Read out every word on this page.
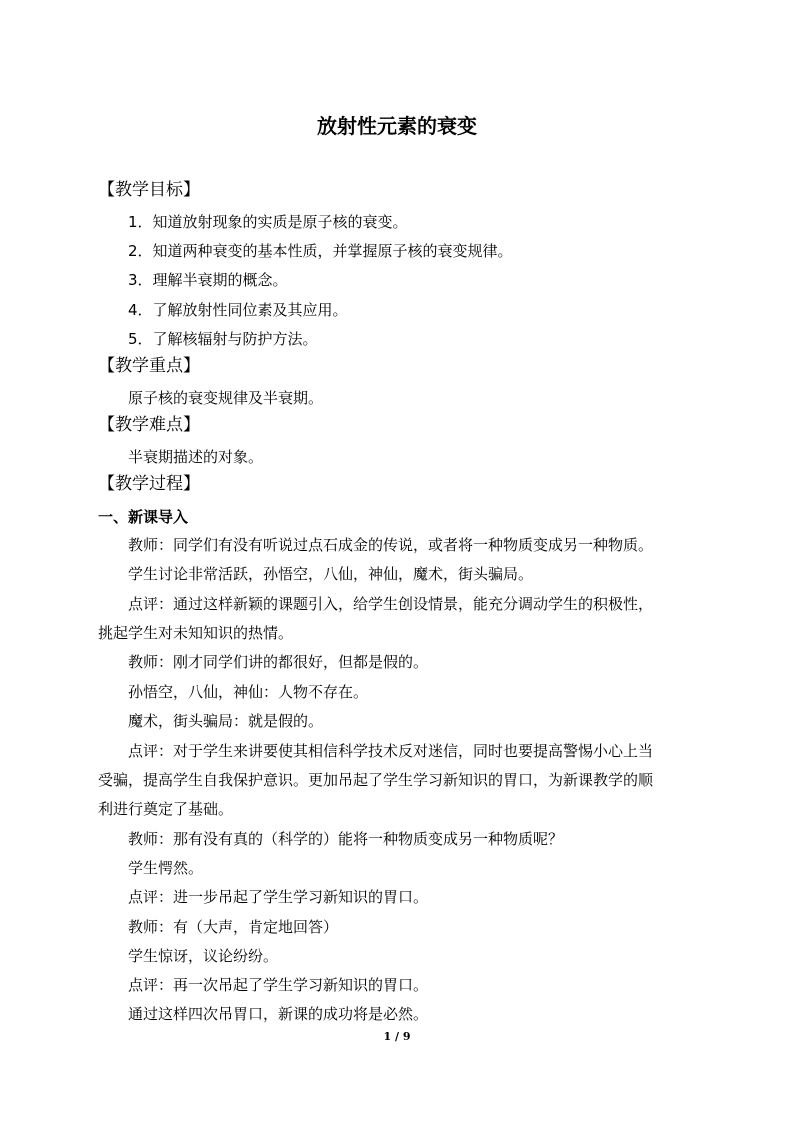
放射性元素的衰变
【教学目标】
1．知道放射现象的实质是原子核的衰变。
2．知道两种衰变的基本性质，并掌握原子核的衰变规律。
3．理解半衰期的概念。
4．了解放射性同位素及其应用。
5．了解核辐射与防护方法。
【教学重点】
原子核的衰变规律及半衰期。
【教学难点】
半衰期描述的对象。
【教学过程】
一、新课导入
教师：同学们有没有听说过点石成金的传说，或者将一种物质变成另一种物质。
学生讨论非常活跃，孙悟空，八仙，神仙，魔术，街头骗局。
点评：通过这样新颖的课题引入，给学生创设情景，能充分调动学生的积极性，
挑起学生对未知知识的热情。
教师：刚才同学们讲的都很好，但都是假的。
孙悟空，八仙，神仙：人物不存在。
魔术，街头骗局：就是假的。
点评：对于学生来讲要使其相信科学技术反对迷信，同时也要提高警惕小心上当
受骗，提高学生自我保护意识。更加吊起了学生学习新知识的胃口，为新课教学的顺
利进行奠定了基础。
教师：那有没有真的（科学的）能将一种物质变成另一种物质呢？
学生愕然。
点评：进一步吊起了学生学习新知识的胃口。
教师：有（大声，肯定地回答）
学生惊讶，议论纷纷。
点评：再一次吊起了学生学习新知识的胃口。
通过这样四次吊胃口，新课的成功将是必然。
1 / 9
